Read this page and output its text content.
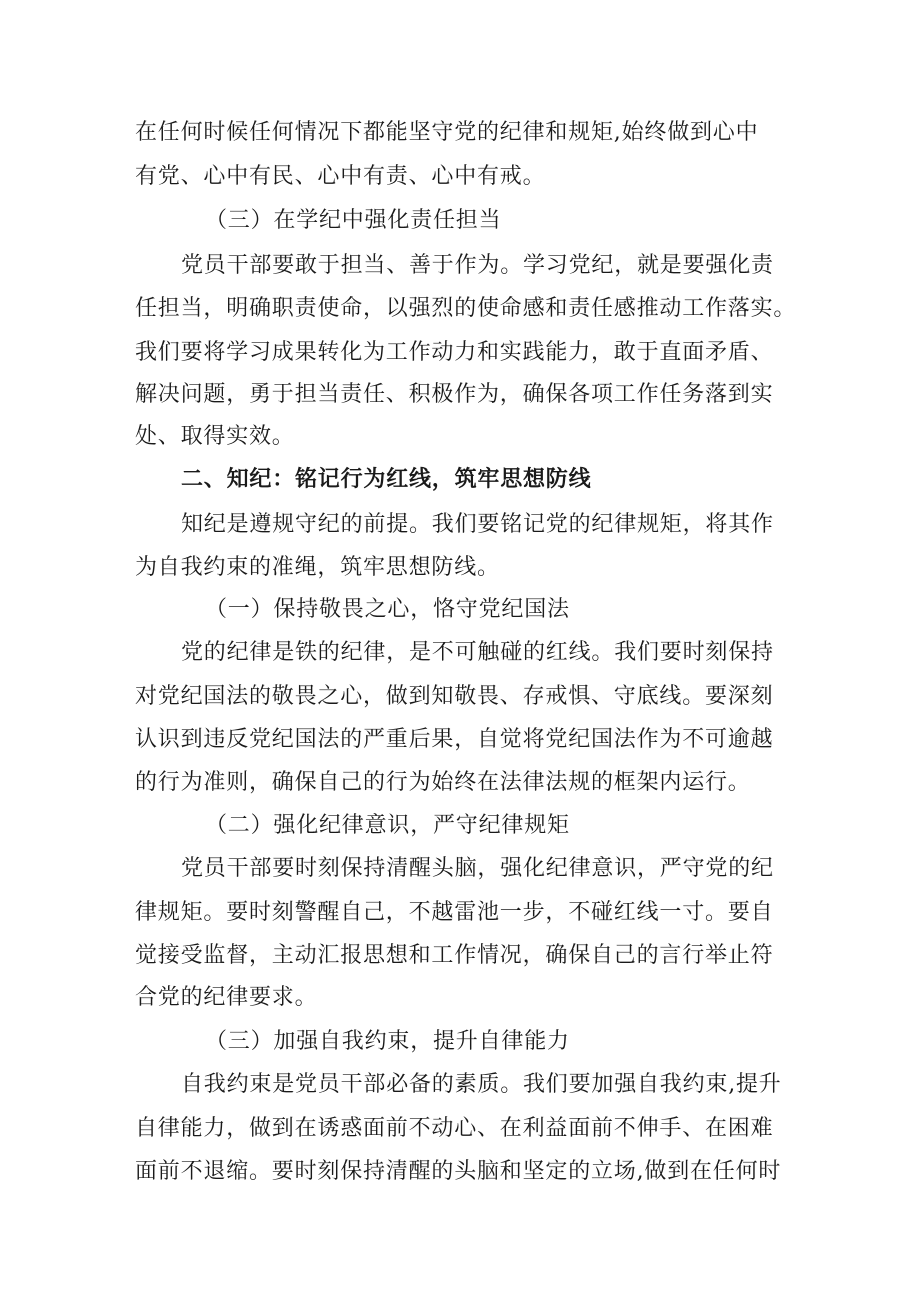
在任何时候任何情况下都能坚守党的纪律和规矩,始终做到心中
有党、心中有民、心中有责、心中有戒。
（三）在学纪中强化责任担当
党员干部要敢于担当、善于作为。学习党纪，就是要强化责
任担当，明确职责使命，以强烈的使命感和责任感推动工作落实。
我们要将学习成果转化为工作动力和实践能力，敢于直面矛盾、
解决问题，勇于担当责任、积极作为，确保各项工作任务落到实
处、取得实效。
二、知纪：铭记行为红线，筑牢思想防线
知纪是遵规守纪的前提。我们要铭记党的纪律规矩，将其作
为自我约束的准绳，筑牢思想防线。
（一）保持敬畏之心，恪守党纪国法
党的纪律是铁的纪律，是不可触碰的红线。我们要时刻保持
对党纪国法的敬畏之心，做到知敬畏、存戒惧、守底线。要深刻
认识到违反党纪国法的严重后果，自觉将党纪国法作为不可逾越
的行为准则，确保自己的行为始终在法律法规的框架内运行。
（二）强化纪律意识，严守纪律规矩
党员干部要时刻保持清醒头脑，强化纪律意识，严守党的纪
律规矩。要时刻警醒自己，不越雷池一步，不碰红线一寸。要自
觉接受监督，主动汇报思想和工作情况，确保自己的言行举止符
合党的纪律要求。
（三）加强自我约束，提升自律能力
自我约束是党员干部必备的素质。我们要加强自我约束,提升
自律能力，做到在诱惑面前不动心、在利益面前不伸手、在困难
面前不退缩。要时刻保持清醒的头脑和坚定的立场,做到在任何时
